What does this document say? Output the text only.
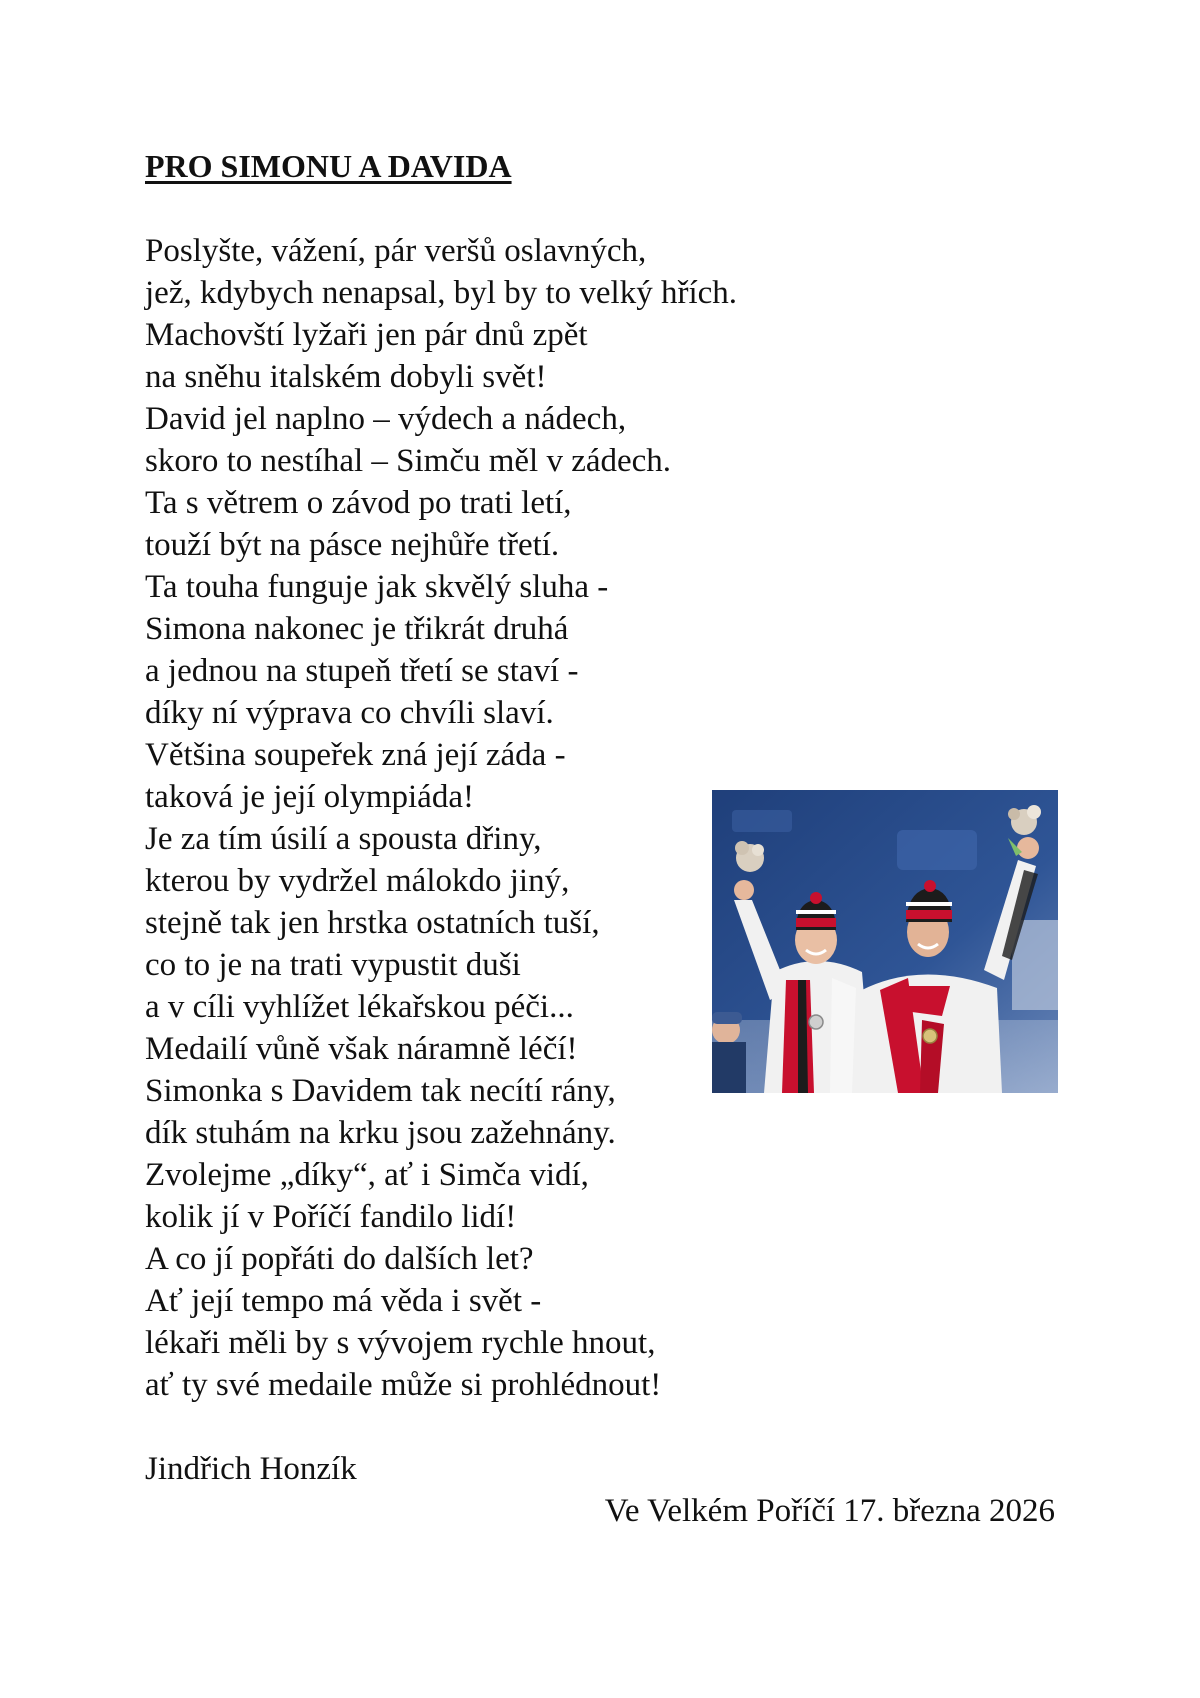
PRO SIMONU A DAVIDA
Poslyšte, vážení, pár veršů oslavných,
jež, kdybych nenapsal, byl by to velký hřích.
Machovští lyžaři jen pár dnů zpět
na sněhu italském dobyli svět!
David jel naplno – výdech a nádech,
skoro to nestíhal – Simču měl v zádech.
Ta s větrem o závod po trati letí,
touží být na pásce nejhůře třetí.
Ta touha funguje jak skvělý sluha -
Simona nakonec je třikrát druhá
a jednou na stupeň třetí se staví -
díky ní výprava co chvíli slaví.
Většina soupeřek zná její záda -
taková je její olympiáda!
Je za tím úsilí a spousta dřiny,
kterou by vydržel málokdo jiný,
stejně tak jen hrstka ostatních tuší,
co to je na trati vypustit duši
a v cíli vyhlížet lékařskou péči...
Medailí vůně však náramně léčí!
Simonka s Davidem tak necítí rány,
dík stuhám na krku jsou zažehnány.
Zvolejme „díky“, ať i Simča vidí,
kolik jí v Poříčí fandilo lidí!
A co jí popřáti do dalších let?
Ať její tempo má věda i svět -
lékaři měli by s vývojem rychle hnout,
ať ty své medaile může si prohlédnout!
Jindřich Honzík
Ve Velkém Poříčí 17. března 2026
